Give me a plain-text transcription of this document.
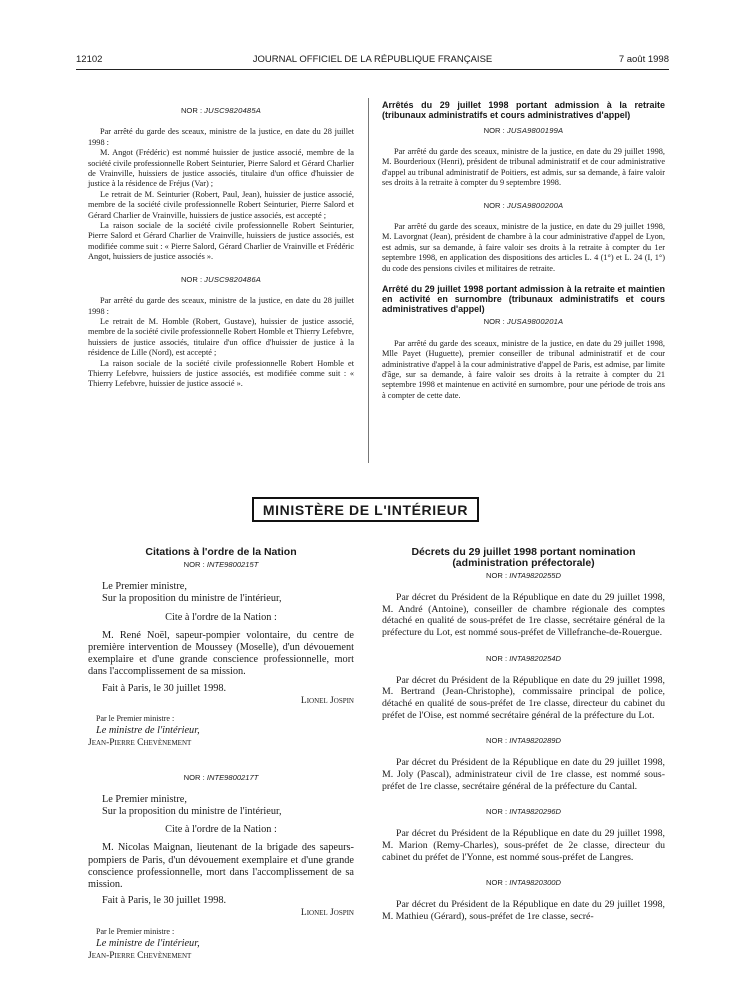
12102	JOURNAL OFFICIEL DE LA RÉPUBLIQUE FRANÇAISE	7 août 1998
NOR : JUSC9820485A

Par arrêté du garde des sceaux, ministre de la justice, en date du 28 juillet 1998 :

M. Angot (Frédéric) est nommé huissier de justice associé, membre de la société civile professionnelle Robert Seinturier, Pierre Salord et Gérard Charlier de Vrainville, huissiers de justice associés, titulaire d'un office d'huissier de justice à la résidence de Fréjus (Var) ;

Le retrait de M. Seinturier (Robert, Paul, Jean), huissier de justice associé, membre de la société civile professionnelle Robert Seinturier, Pierre Salord et Gérard Charlier de Vrainville, huissiers de justice associés, est accepté ;

La raison sociale de la société civile professionnelle Robert Seinturier, Pierre Salord et Gérard Charlier de Vrainville, huissiers de justice associés, est modifiée comme suit : « Pierre Salord, Gérard Charlier de Vrainville et Frédéric Angot, huissiers de justice associés ».

NOR : JUSC9820486A

Par arrêté du garde des sceaux, ministre de la justice, en date du 28 juillet 1998 :

Le retrait de M. Homble (Robert, Gustave), huissier de justice associé, membre de la société civile professionnelle Robert Homble et Thierry Lefebvre, huissiers de justice associés, titulaire d'un office d'huissier de justice à la résidence de Lille (Nord), est accepté ;

La raison sociale de la société civile professionnelle Robert Homble et Thierry Lefebvre, huissiers de justice associés, est modifiée comme suit : « Thierry Lefebvre, huissier de justice associé ».

Arrêtés du 29 juillet 1998 portant admission à la retraite (tribunaux administratifs et cours administratives d'appel)
NOR : JUSA9800199A

Par arrêté du garde des sceaux, ministre de la justice, en date du 29 juillet 1998, M. Bourderioux (Henri), président de tribunal administratif et de cour administrative d'appel au tribunal administratif de Poitiers, est admis, sur sa demande, à faire valoir ses droits à la retraite à compter du 9 septembre 1998.

NOR : JUSA9800200A

Par arrêté du garde des sceaux, ministre de la justice, en date du 29 juillet 1998, M. Lavorgnat (Jean), président de chambre à la cour administrative d'appel de Lyon, est admis, sur sa demande, à faire valoir ses droits à la retraite à compter du 1er septembre 1998, en application des dispositions des articles L. 4 (1°) et L. 24 (I, 1°) du code des pensions civiles et militaires de retraite.

Arrêté du 29 juillet 1998 portant admission à la retraite et maintien en activité en surnombre (tribunaux administratifs et cours administratives d'appel)
NOR : JUSA9800201A

Par arrêté du garde des sceaux, ministre de la justice, en date du 29 juillet 1998, Mlle Payet (Huguette), premier conseiller de tribunal administratif et de cour administrative d'appel à la cour administrative d'appel de Paris, est admise, par limite d'âge, sur sa demande, à faire valoir ses droits à la retraite à compter du 21 septembre 1998 et maintenue en activité en surnombre, pour une période de trois ans à compter de cette date.

MINISTÈRE DE L'INTÉRIEUR
Citations à l'ordre de la Nation
NOR : INTE9800215T

Le Premier ministre,

Sur la proposition du ministre de l'intérieur,

Cite à l'ordre de la Nation :

M. René Noël, sapeur-pompier volontaire, du centre de première intervention de Moussey (Moselle), d'un dévouement exemplaire et d'une grande conscience professionnelle, mort dans l'accomplissement de sa mission.

Fait à Paris, le 30 juillet 1998.

Lionel Jospin

Par le Premier ministre :

Le ministre de l'intérieur,

Jean-Pierre Chevènement

NOR : INTE9800217T

Le Premier ministre,

Sur la proposition du ministre de l'intérieur,

Cite à l'ordre de la Nation :

M. Nicolas Maignan, lieutenant de la brigade des sapeurs-pompiers de Paris, d'un dévouement exemplaire et d'une grande conscience professionnelle, mort dans l'accomplissement de sa mission.

Fait à Paris, le 30 juillet 1998.

Lionel Jospin

Par le Premier ministre :

Le ministre de l'intérieur,

Jean-Pierre Chevènement

Décrets du 29 juillet 1998 portant nomination (administration préfectorale)
NOR : INTA9820255D

Par décret du Président de la République en date du 29 juillet 1998, M. André (Antoine), conseiller de chambre régionale des comptes détaché en qualité de sous-préfet de 1re classe, secrétaire général de la préfecture du Lot, est nommé sous-préfet de Villefranche-de-Rouergue.

NOR : INTA9820254D

Par décret du Président de la République en date du 29 juillet 1998, M. Bertrand (Jean-Christophe), commissaire principal de police, détaché en qualité de sous-préfet de 1re classe, directeur du cabinet du préfet de l'Oise, est nommé secrétaire général de la préfecture du Lot.

NOR : INTA9820289D

Par décret du Président de la République en date du 29 juillet 1998, M. Joly (Pascal), administrateur civil de 1re classe, est nommé sous-préfet de 1re classe, secrétaire général de la préfecture du Cantal.

NOR : INTA9820296D

Par décret du Président de la République en date du 29 juillet 1998, M. Marion (Remy-Charles), sous-préfet de 2e classe, directeur du cabinet du préfet de l'Yonne, est nommé sous-préfet de Langres.

NOR : INTA9820300D

Par décret du Président de la République en date du 29 juillet 1998, M. Mathieu (Gérard), sous-préfet de 1re classe, secré-
